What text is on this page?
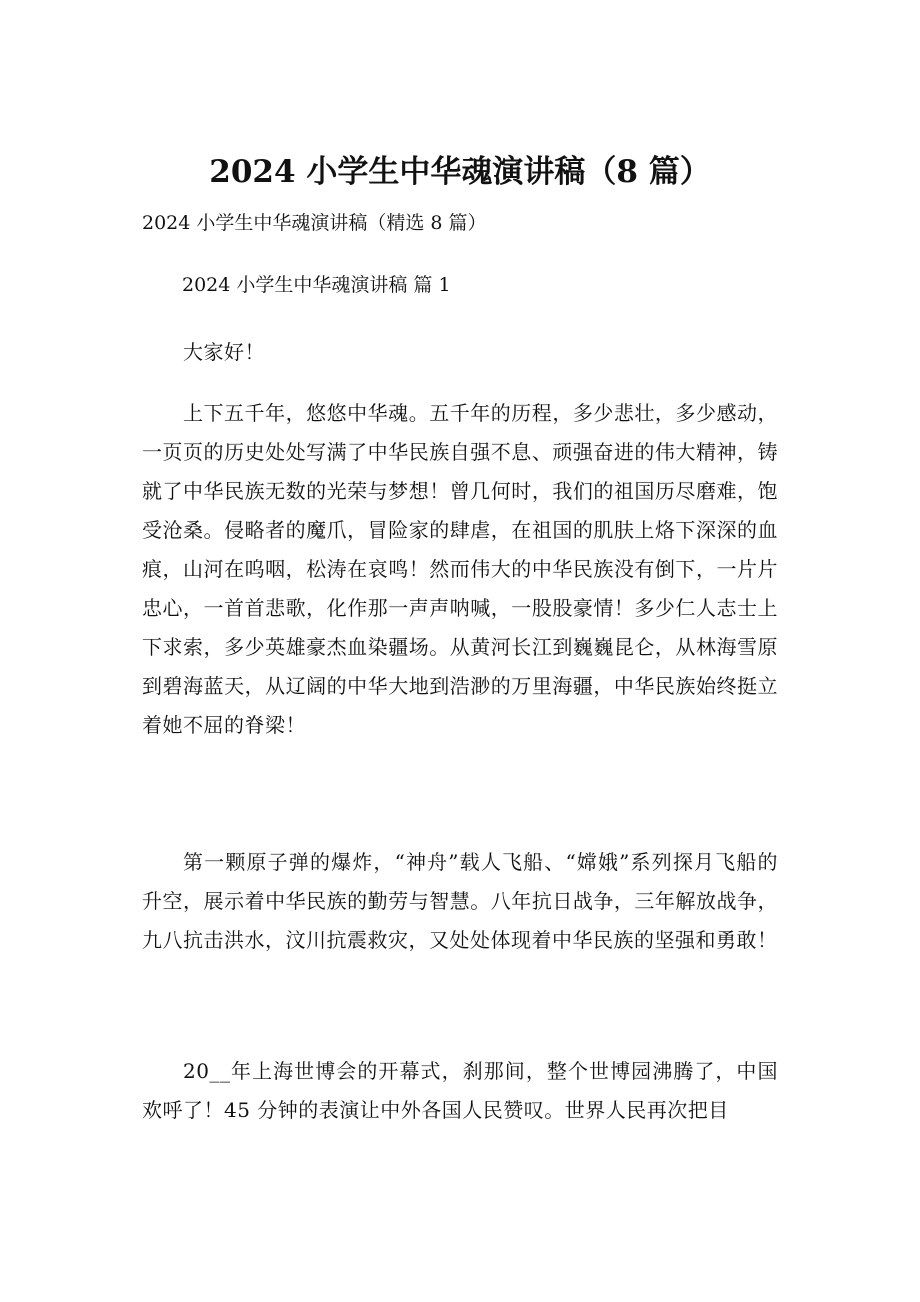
2024 小学生中华魂演讲稿（8 篇）

2024 小学生中华魂演讲稿（精选 8 篇）

2024 小学生中华魂演讲稿 篇 1

大家好！

上下五千年，悠悠中华魂。五千年的历程，多少悲壮，多少感动，一页页的历史处处写满了中华民族自强不息、顽强奋进的伟大精神，铸就了中华民族无数的光荣与梦想！曾几何时，我们的祖国历尽磨难，饱受沧桑。侵略者的魔爪，冒险家的肆虐，在祖国的肌肤上烙下深深的血痕，山河在呜咽，松涛在哀鸣！然而伟大的中华民族没有倒下，一片片忠心，一首首悲歌，化作那一声声呐喊，一股股豪情！多少仁人志士上下求索，多少英雄豪杰血染疆场。从黄河长江到巍巍昆仑，从林海雪原到碧海蓝天，从辽阔的中华大地到浩渺的万里海疆，中华民族始终挺立着她不屈的脊梁！

第一颗原子弹的爆炸，“神舟”载人飞船、“嫦娥”系列探月飞船的升空，展示着中华民族的勤劳与智慧。八年抗日战争，三年解放战争，九八抗击洪水，汶川抗震救灾，又处处体现着中华民族的坚强和勇敢！

20__年上海世博会的开幕式，刹那间，整个世博园沸腾了，中国欢呼了！45 分钟的表演让中外各国人民赞叹。世界人民再次把目
